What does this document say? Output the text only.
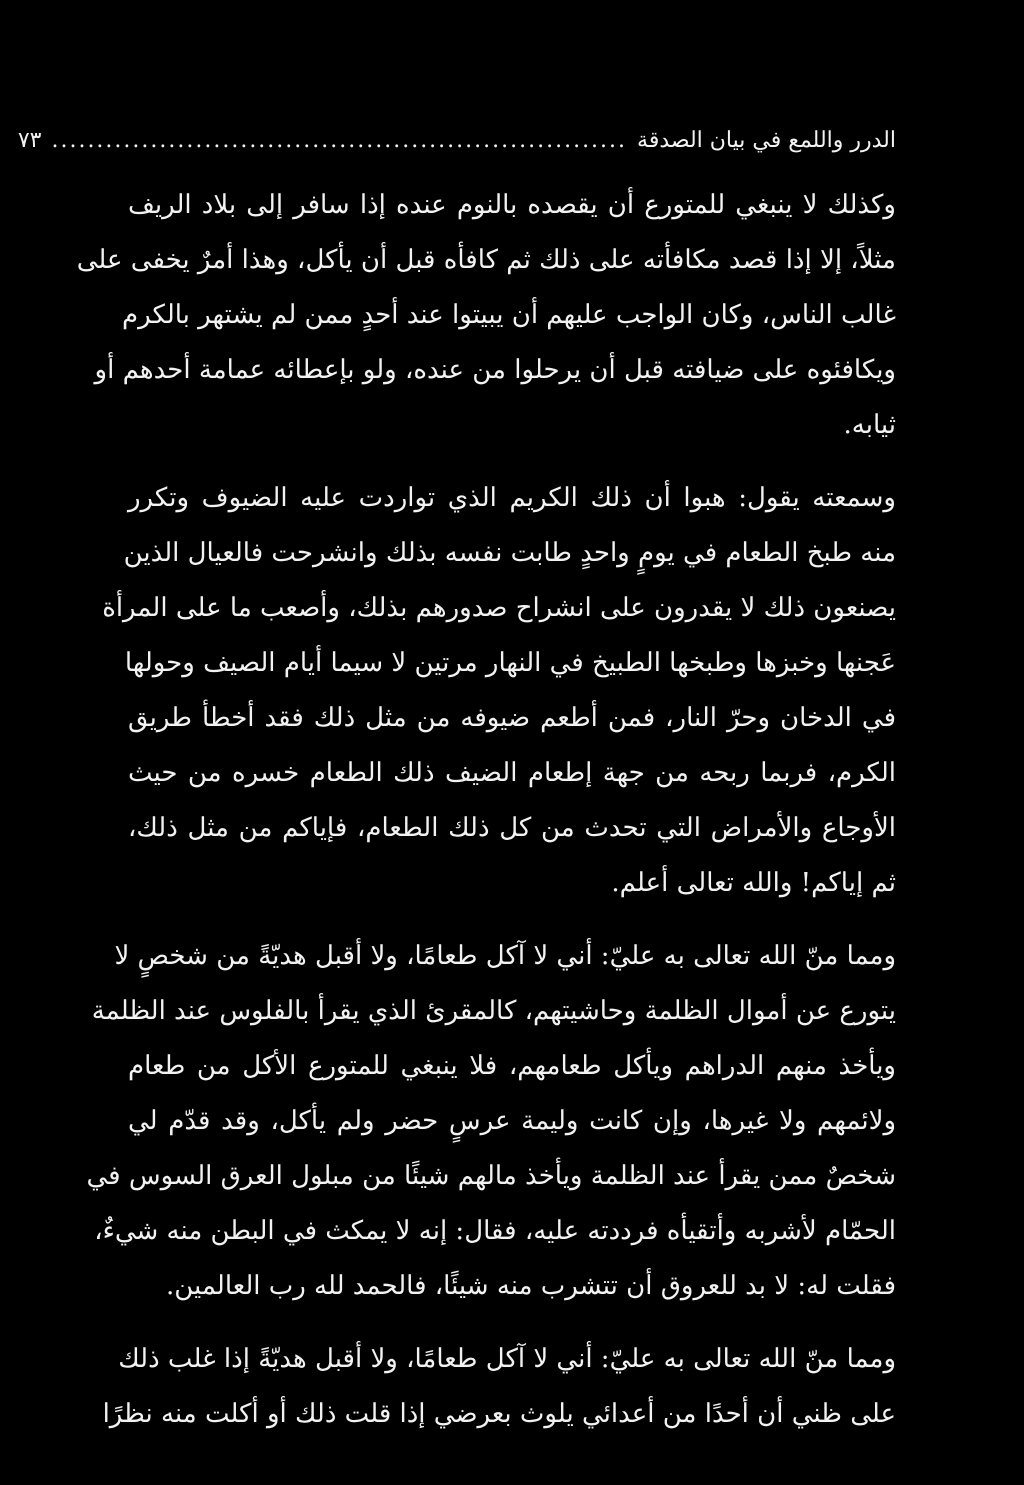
الدرر واللمع في بيان الصدقة
................................................................
٧٣
وكذلك لا ينبغي للمتورع أن يقصده بالنوم عنده إذا سافر إلى بلاد الريف
مثلاً، إلا إذا قصد مكافأته على ذلك ثم كافأه قبل أن يأكل، وهذا أمرٌ يخفى على
غالب الناس، وكان الواجب عليهم أن يبيتوا عند أحدٍ ممن لم يشتهر بالكرم
ويكافئوه على ضيافته قبل أن يرحلوا من عنده، ولو بإعطائه عمامة أحدهم أو
ثيابه.
وسمعته يقول: هبوا أن ذلك الكريم الذي تواردت عليه الضيوف وتكرر
منه طبخ الطعام في يومٍ واحدٍ طابت نفسه بذلك وانشرحت فالعيال الذين
يصنعون ذلك لا يقدرون على انشراح صدورهم بذلك، وأصعب ما على المرأة
عَجنها وخبزها وطبخها الطبيخ في النهار مرتين لا سيما أيام الصيف وحولها
في الدخان وحرّ النار، فمن أطعم ضيوفه من مثل ذلك فقد أخطأ طريق
الكرم، فربما ربحه من جهة إطعام الضيف ذلك الطعام خسره من حيث
الأوجاع والأمراض التي تحدث من كل ذلك الطعام، فإياكم من مثل ذلك،
ثم إياكم! والله تعالى أعلم.
ومما منّ الله تعالى به عليّ: أني لا آكل طعامًا، ولا أقبل هديّةً من شخصٍ لا
يتورع عن أموال الظلمة وحاشيتهم، كالمقرئ الذي يقرأ بالفلوس عند الظلمة
ويأخذ منهم الدراهم ويأكل طعامهم، فلا ينبغي للمتورع الأكل من طعام
ولائمهم ولا غيرها، وإن كانت وليمة عرسٍ حضر ولم يأكل، وقد قدّم لي
شخصٌ ممن يقرأ عند الظلمة ويأخذ مالهم شيئًا من مبلول العرق السوس في
الحمّام لأشربه وأتقيأه فرددته عليه، فقال: إنه لا يمكث في البطن منه شيءٌ،
فقلت له: لا بد للعروق أن تتشرب منه شيئًا، فالحمد لله رب العالمين.
ومما منّ الله تعالى به عليّ: أني لا آكل طعامًا، ولا أقبل هديّةً إذا غلب ذلك
على ظني أن أحدًا من أعدائي يلوث بعرضي إذا قلت ذلك أو أكلت منه نظرًا
